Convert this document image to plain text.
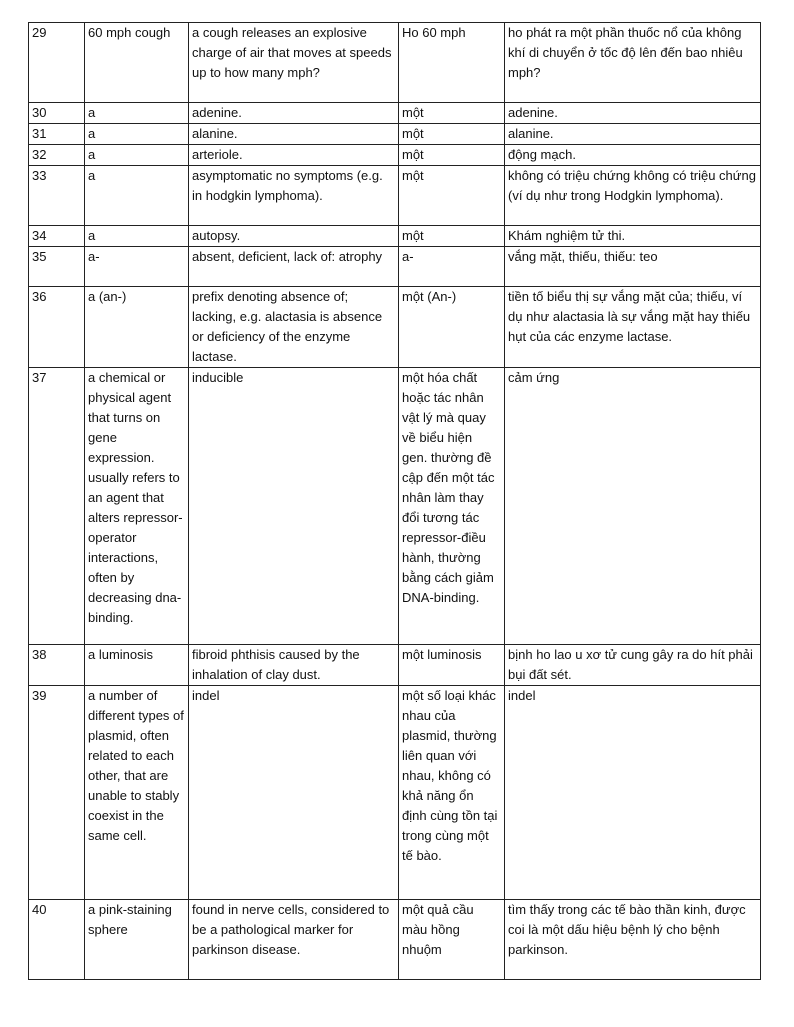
29	60 mph cough	a cough releases an explosive charge of air that moves at speeds up to how many mph?	Ho 60 mph	ho phát ra một phần thuốc nổ của không khí di chuyển ở tốc độ lên đến bao nhiêu mph?
30	a	adenine.	một	adenine.
31	a	alanine.	một	alanine.
32	a	arteriole.	một	động mạch.
33	a	asymptomatic no symptoms (e.g. in hodgkin lymphoma).	một	không có triệu chứng không có triệu chứng (ví dụ như trong Hodgkin lymphoma).
34	a	autopsy.	một	Khám nghiệm tử thi.
35	a-	absent, deficient, lack of: atrophy	a-	vắng mặt, thiếu, thiếu: teo
36	a (an-)	prefix denoting absence of; lacking, e.g. alactasia is absence or deficiency of the enzyme lactase.	một (An-)	tiền tố biểu thị sự vắng mặt của; thiếu, ví dụ như alactasia là sự vắng mặt hay thiếu hụt của các enzyme lactase.
37	a chemical or physical agent that turns on gene expression. usually refers to an agent that alters repressor-operator interactions, often by decreasing dna-binding.	inducible	một hóa chất hoặc tác nhân vật lý mà quay về biểu hiện gen. thường đề cập đến một tác nhân làm thay đổi tương tác repressor-điều hành, thường bằng cách giảm DNA-binding.	cảm ứng
38	a luminosis	fibroid phthisis caused by the inhalation of clay dust.	một luminosis	bịnh ho lao u xơ tử cung gây ra do hít phải bụi đất sét.
39	a number of different types of plasmid, often related to each other, that are unable to stably coexist in the same cell.	indel	một số loại khác nhau của plasmid, thường liên quan với nhau, không có khả năng ổn định cùng tồn tại trong cùng một tế bào.	indel
40	a pink-staining sphere	found in nerve cells, considered to be a pathological marker for parkinson disease.	một quả cầu màu hồng nhuộm	tìm thấy trong các tế bào thần kinh, được coi là một dấu hiệu bệnh lý cho bệnh parkinson.
